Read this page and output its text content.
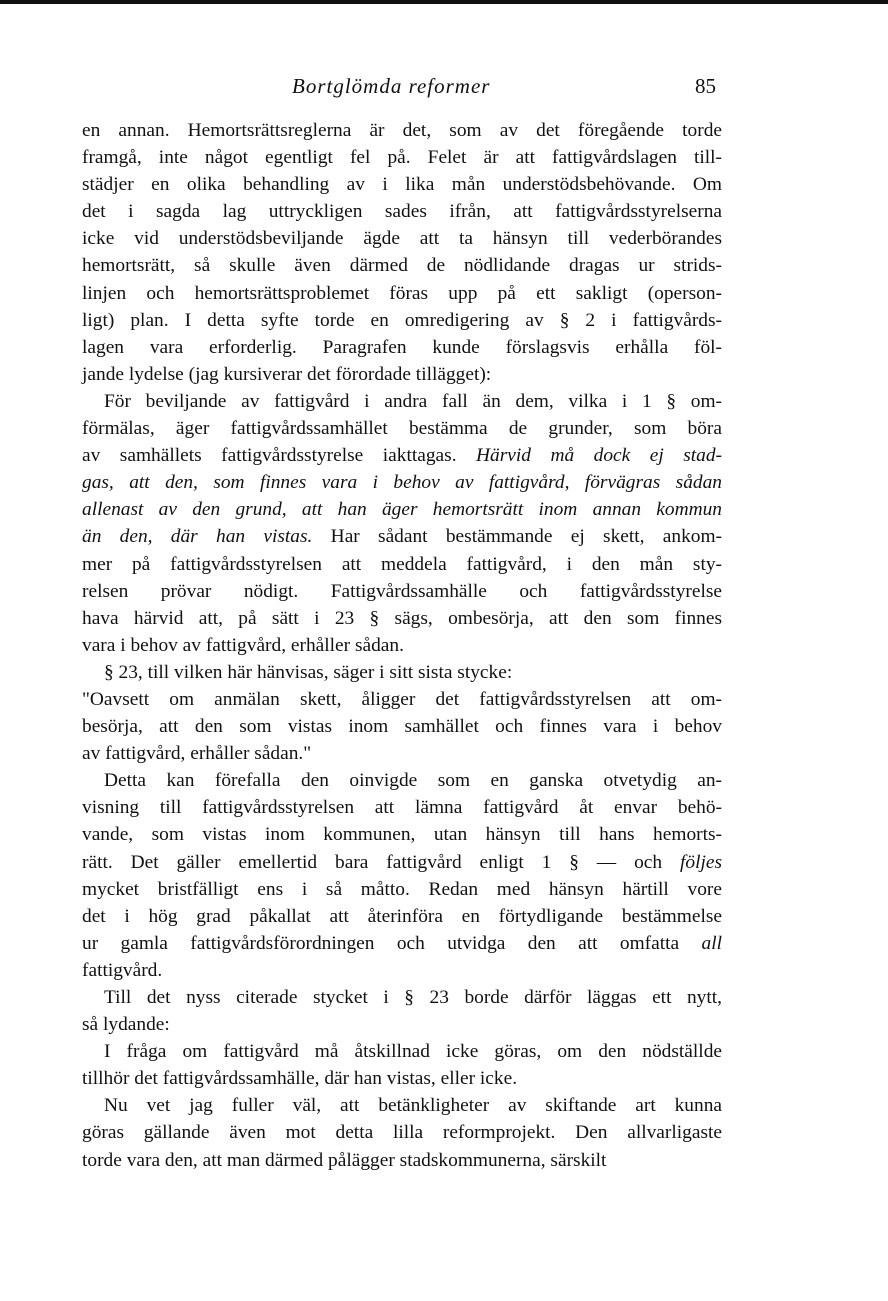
Bortglömda reformer	85

en annan. Hemortsrättsreglerna är det, som av det föregående torde
framgå, inte något egentligt fel på. Felet är att fattigvårdslagen till-
städjer en olika behandling av i lika mån understödsbehövande. Om
det i sagda lag uttryckligen sades ifrån, att fattigvårdsstyrelserna
icke vid understödsbeviljande ägde att ta hänsyn till vederbörandes
hemortsrätt, så skulle även därmed de nödlidande dragas ur strids-
linjen och hemortsrättsproblemet föras upp på ett sakligt (operson-
ligt) plan. I detta syfte torde en omredigering av § 2 i fattigvårds-
lagen vara erforderlig. Paragrafen kunde förslagsvis erhålla föl-
jande lydelse (jag kursiverar det förordade tillägget):

För beviljande av fattigvård i andra fall än dem, vilka i 1 § om-
förmälas, äger fattigvårdssamhället bestämma de grunder, som böra
av samhällets fattigvårdsstyrelse iakttagas. Härvid må dock ej stad-
gas, att den, som finnes vara i behov av fattigvård, förvägras sådan
allenast av den grund, att han äger hemortsrätt inom annan kommun
än den, där han vistas. Har sådant bestämmande ej skett, ankom-
mer på fattigvårdsstyrelsen att meddela fattigvård, i den mån sty-
relsen prövar nödigt. Fattigvårdssamhälle och fattigvårdsstyrelse
hava härvid att, på sätt i 23 § sägs, ombesörja, att den som finnes
vara i behov av fattigvård, erhåller sådan.

§ 23, till vilken här hänvisas, säger i sitt sista stycke:

"Oavsett om anmälan skett, åligger det fattigvårdsstyrelsen att om-
besörja, att den som vistas inom samhället och finnes vara i behov
av fattigvård, erhåller sådan."

Detta kan förefalla den oinvigde som en ganska otvetydig an-
visning till fattigvårdsstyrelsen att lämna fattigvård åt envar behö-
vande, som vistas inom kommunen, utan hänsyn till hans hemorts-
rätt. Det gäller emellertid bara fattigvård enligt 1 § — och följes
mycket bristfälligt ens i så måtto. Redan med hänsyn härtill vore
det i hög grad påkallat att återinföra en förtydligande bestämmelse
ur gamla fattigvårdsförordningen och utvidga den att omfatta all
fattigvård.

Till det nyss citerade stycket i § 23 borde därför läggas ett nytt,
så lydande:

I fråga om fattigvård må åtskillnad icke göras, om den nödställde
tillhör det fattigvårdssamhälle, där han vistas, eller icke.

Nu vet jag fuller väl, att betänkligheter av skiftande art kunna
göras gällande även mot detta lilla reformprojekt. Den allvarligaste
torde vara den, att man därmed pålägger stadskommunerna, särskilt
